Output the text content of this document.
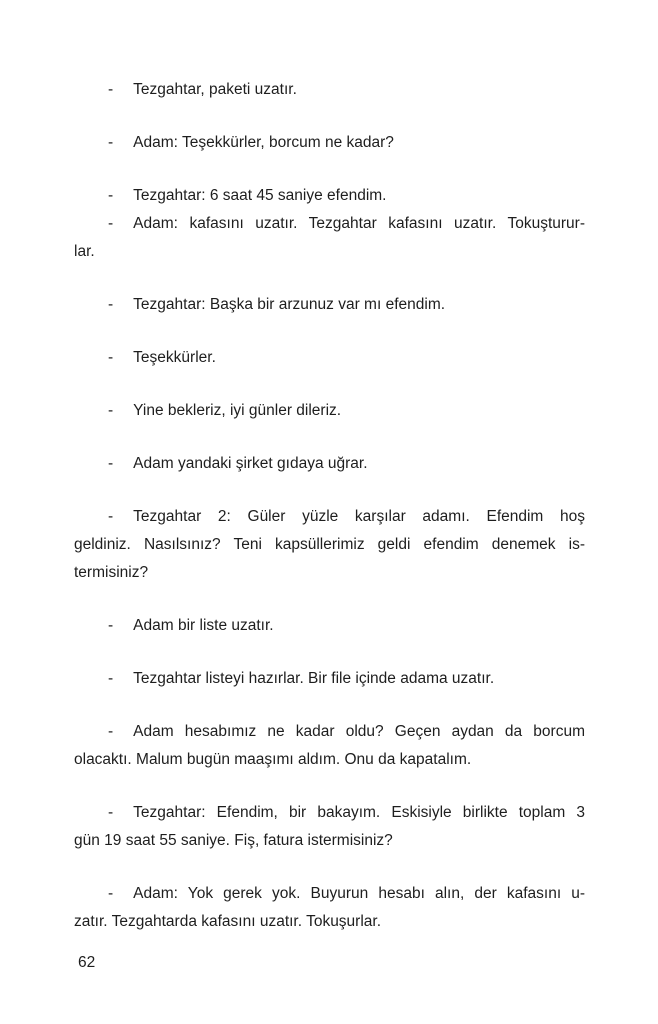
- Tezgahtar, paketi uzatır.
- Adam: Teşekkürler, borcum ne kadar?
- Tezgahtar: 6 saat 45 saniye efendim.
- Adam: kafasını uzatır. Tezgahtar kafasını uzatır. Tokuşturur-
lar.
- Tezgahtar: Başka bir arzunuz var mı efendim.
- Teşekkürler.
- Yine bekleriz, iyi günler dileriz.
- Adam yandaki şirket gıdaya uğrar.
- Tezgahtar 2: Güler yüzle karşılar adamı. Efendim hoş
geldiniz. Nasılsınız? Teni kapsüllerimiz geldi efendim denemek is-
termisiniz?
- Adam bir liste uzatır.
- Tezgahtar listeyi hazırlar. Bir file içinde adama uzatır.
- Adam hesabımız ne kadar oldu? Geçen aydan da borcum
olacaktı. Malum bugün maaşımı aldım. Onu da kapatalım.
- Tezgahtar: Efendim, bir bakayım. Eskisiyle birlikte toplam 3
gün 19 saat 55 saniye. Fiş, fatura istermisiniz?
- Adam: Yok gerek yok. Buyurun hesabı alın, der kafasını u-
zatır. Tezgahtarda kafasını uzatır. Tokuşurlar.
62
